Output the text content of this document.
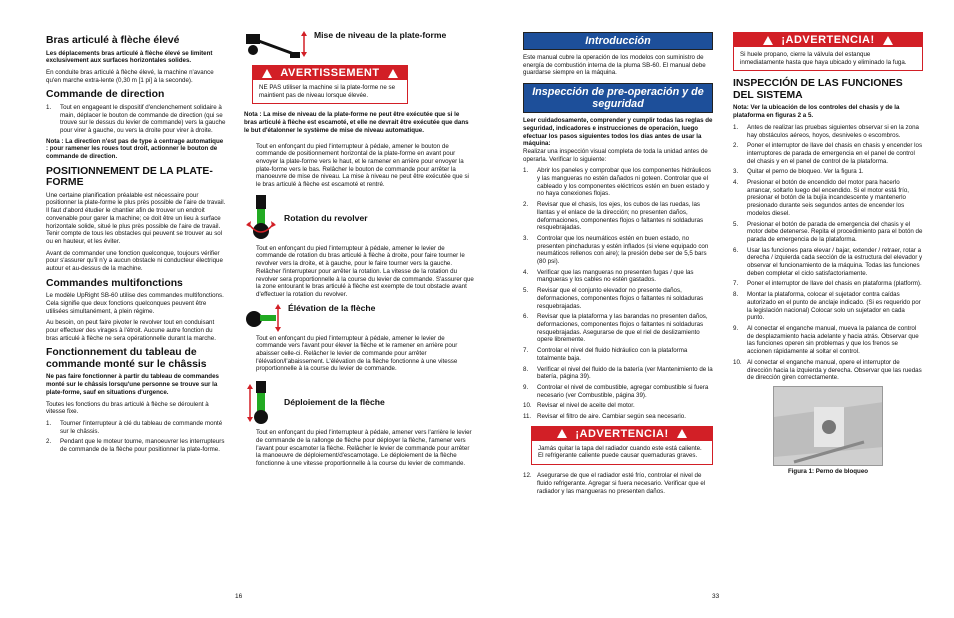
Bras articulé à flèche élevé

Les déplacements bras articulé à flèche élevé se limitent exclusivement aux surfaces horizontales solides.

En conduite bras articulé à flèche élevé, la machine n'avance qu'en marche extra-lente (0,30 m [1 pi] à la seconde).

Commande de direction
1. Tout en engageant le dispositif d'enclenchement solidaire à main, déplacer le bouton de commande de direction (qui se trouve sur le dessus du levier de commande) vers la gauche pour virer à gauche, ou vers la droite pour virer à droite.

Nota : La direction n'est pas de type à centrage automatique : pour ramener les roues tout droit, actionner le bouton de commande de direction.

POSITIONNEMENT DE LA PLATE-FORME

Une certaine planification préalable est nécessaire pour positionner la plate-forme le plus près possible de l'aire de travail. Il faut d'abord étudier le chantier afin de trouver un endroit convenable pour garer la machine; ce doit être un lieu à surface horizontale solide, situé le plus près possible de l'aire de travail. Tenir compte de tous les obstacles qui peuvent se trouver au sol ou en hauteur, et les éviter.

Avant de commander une fonction quelconque, toujours vérifier pour s'assurer qu'il n'y a aucun obstacle ni conducteur électrique autour et au-dessus de la machine.

Commandes multifonctions

Le modèle UpRight SB-60 utilise des commandes multifonctions. Cela signifie que deux fonctions quelconques peuvent être utilisées simultanément, à plein régime.

Au besoin, on peut faire pivoter le revolver tout en conduisant pour effectuer des virages à l'étroit. Aucune autre fonction du bras articulé à flèche ne sera opérationnelle durant la marche.

Fonctionnement du tableau de commande monté sur le châssis

Ne pas faire fonctionner à partir du tableau de commandes monté sur le châssis lorsqu'une personne se trouve sur la plate-forme, sauf en situations d'urgence.

Toutes les fonctions du bras articulé à flèche se déroulent à vitesse fixe.

1. Tourner l'interrupteur à clé du tableau de commande monté sur le châssis.
2. Pendant que le moteur tourne, manoeuvrer les interrupteurs de commande de la flèche pour positionner la plate-forme.
16
Mise de niveau de la plate-forme
AVERTISSEMENT
NE PAS utiliser la machine si la plate-forme ne se maintient pas de niveau lorsque élevée.

Nota : La mise de niveau de la plate-forme ne peut être exécutée que si le bras articulé à flèche est escamoté, et elle ne devrait être exécutée que dans le but d'étalonner le système de mise de niveau automatique.

Tout en enfonçant du pied l'interrupteur à pédale, amener le bouton de commande de positionnement horizontal de la plate-forme en avant pour envoyer la plate-forme vers le haut, et le ramener en arrière pour envoyer la plate-forme vers le bas. Relâcher le bouton de commande pour arrêter la manoeuvre de mise de niveau. La mise à niveau ne peut être exécutée que si le bras articulé à flèche est escamoté et rentré.

Rotation du revolver

Tout en enfonçant du pied l'interrupteur à pédale, amener le levier de commande de rotation du bras articulé à flèche à droite, pour faire tourner le revolver vers la droite, et à gauche, pour le faire tourner vers la gauche. Relâcher l'interrupteur pour arrêter la rotation. La vitesse de la rotation du revolver sera proportionnelle à la course du levier de commande. S'assurer que la zone entourant le bras articulé à flèche est exempte de tout obstacle avant d'effectuer la rotation du revolver.

Élévation de la flèche

Tout en enfonçant du pied l'interrupteur à pédale, amener le levier de commande vers l'avant pour élever la flèche et le ramener en arrière pour abaisser celle-ci. Relâcher le levier de commande pour arrêter l'élévation/l'abaissement. L'élévation de la flèche fonctionne à une vitesse proportionnelle à la course du levier de commande.

Déploiement de la flèche

Tout en enfonçant du pied l'interrupteur à pédale, amener vers l'arrière le levier de commande de la rallonge de flèche pour déployer la flèche, l'amener vers l'avant pour escamoter la flèche. Relâcher le levier de commande pour arrêter la manoeuvre de déploiement/d'escamotage. Le déploiement de la flèche fonctionne à une vitesse proportionnelle à la course du levier de commande.

Introducción

Este manual cubre la operación de los modelos con suministro de energía de combustión interna de la pluma SB-60. El manual debe guardarse siempre en la máquina.

Inspección de pre-operación y de seguridad

Leer cuidadosamente, comprender y cumplir todas las reglas de seguridad, indicadores e instrucciones de operación, luego efectuar los pasos siguientes todos los días antes de usar la máquina:

Realizar una inspección visual completa de toda la unidad antes de operarla. Verificar lo siguiente:

1. Abrir los paneles y comprobar que los componentes hidráulicos y las mangueras no estén dañados ni goteen. Controlar que el cableado y los componentes eléctricos estén en buen estado y no haya conexiones flojas.
2. Revisar que el chasis, los ejes, los cubos de las ruedas, las llantas y el enlace de la dirección; no presenten daños, deformaciones, componentes flojos o faltantes ni soldaduras resquebrajadas.
3. Controlar que los neumáticos estén en buen estado, no presenten pinchaduras y estén inflados (si viene equipado con neumáticos rellenos con aire); la presión debe ser de 5,5 bars (80 psi).
4. Verificar que las mangueras no presenten fugas / que las mangueras y los cables no estén gastados.
5. Revisar que el conjunto elevador no presente daños, deformaciones, componentes flojos o faltantes ni soldaduras resquebrajadas.
6. Revisar que la plataforma y las barandas no presenten daños, deformaciones, componentes flojos o faltantes ni soldaduras resquebrajadas. Asegurarse de que el riel de deslizamiento opere libremente.
7. Controlar el nivel del fluido hidráulico con la plataforma totalmente baja.
8. Verificar el nivel del fluido de la batería (ver Mantenimiento de la batería, página 39).
9. Controlar el nivel de combustible, agregar combustible si fuera necesario (ver Combustible, página 39).
10. Revisar el nivel de aceite del motor.
11. Revisar el filtro de aire. Cambiar según sea necesario.
¡ADVERTENCIA!
Jamás quitar la tapa del radiador cuando este está caliente. El refrigerante caliente puede causar quemaduras graves.
12. Asegurarse de que el radiador esté frío, controlar el nivel de fluido refrigerante. Agregar si fuera necesario. Verificar que el radiador y las mangueras no presenten daños.
¡ADVERTENCIA!
Si huele propano, cierre la válvula del estanque inmediatamente hasta que haya ubicado y eliminado la fuga.
INSPECCIÓN DE LAS FUNCIONES DEL SISTEMA

Nota: Ver la ubicación de los controles del chasis y de la plataforma en figuras 2 a 5.

1. Antes de realizar las pruebas siguientes observar si en la zona hay obstáculos aéreos, hoyos, desniveles o escombros.
2. Poner el interruptor de llave del chasis en chasis y encender los interruptores de parada de emergencia en el panel de control del chasis y en el panel de control de la plataforma.
3. Quitar el perno de bloqueo. Ver la figura 1.
4. Presionar el botón de encendido del motor para hacerlo arrancar, soltarlo luego del encendido. Si el motor está frío, presionar el botón de la bujía incandescente y mantenerlo presionado durante seis segundos antes de encender los modelos diesel.
5. Presionar el botón de parada de emergencia del chasis y el motor debe detenerse. Repita el procedimiento para el botón de parada de emergencia de la plataforma.
6. Usar las funciones para elevar / bajar, extender / retraer, rotar a derecha / izquierda cada sección de la estructura del elevador y observar el funcionamiento de la máquina. Todas las funciones deben completar el ciclo satisfactoriamente.
7. Poner el interruptor de llave del chasis en plataforma (platform).
8. Montar la plataforma, colocar el sujetador contra caídas autorizado en el punto de anclaje indicado. (Si es requerido por la legislación nacional) Colocar solo un sujetador en cada punto.
9. Al conectar el enganche manual, mueva la palanca de control de desplazamiento hacia adelante y hacia atrás. Observar que las funciones operen sin problemas y que los frenos se accionen rápidamente al soltar el control.
10. Al conectar el enganche manual, opere el interruptor de dirección hacia la izquierda y derecha. Observar que las ruedas de dirección giren correctamente.
Figura 1: Perno de bloqueo
33
